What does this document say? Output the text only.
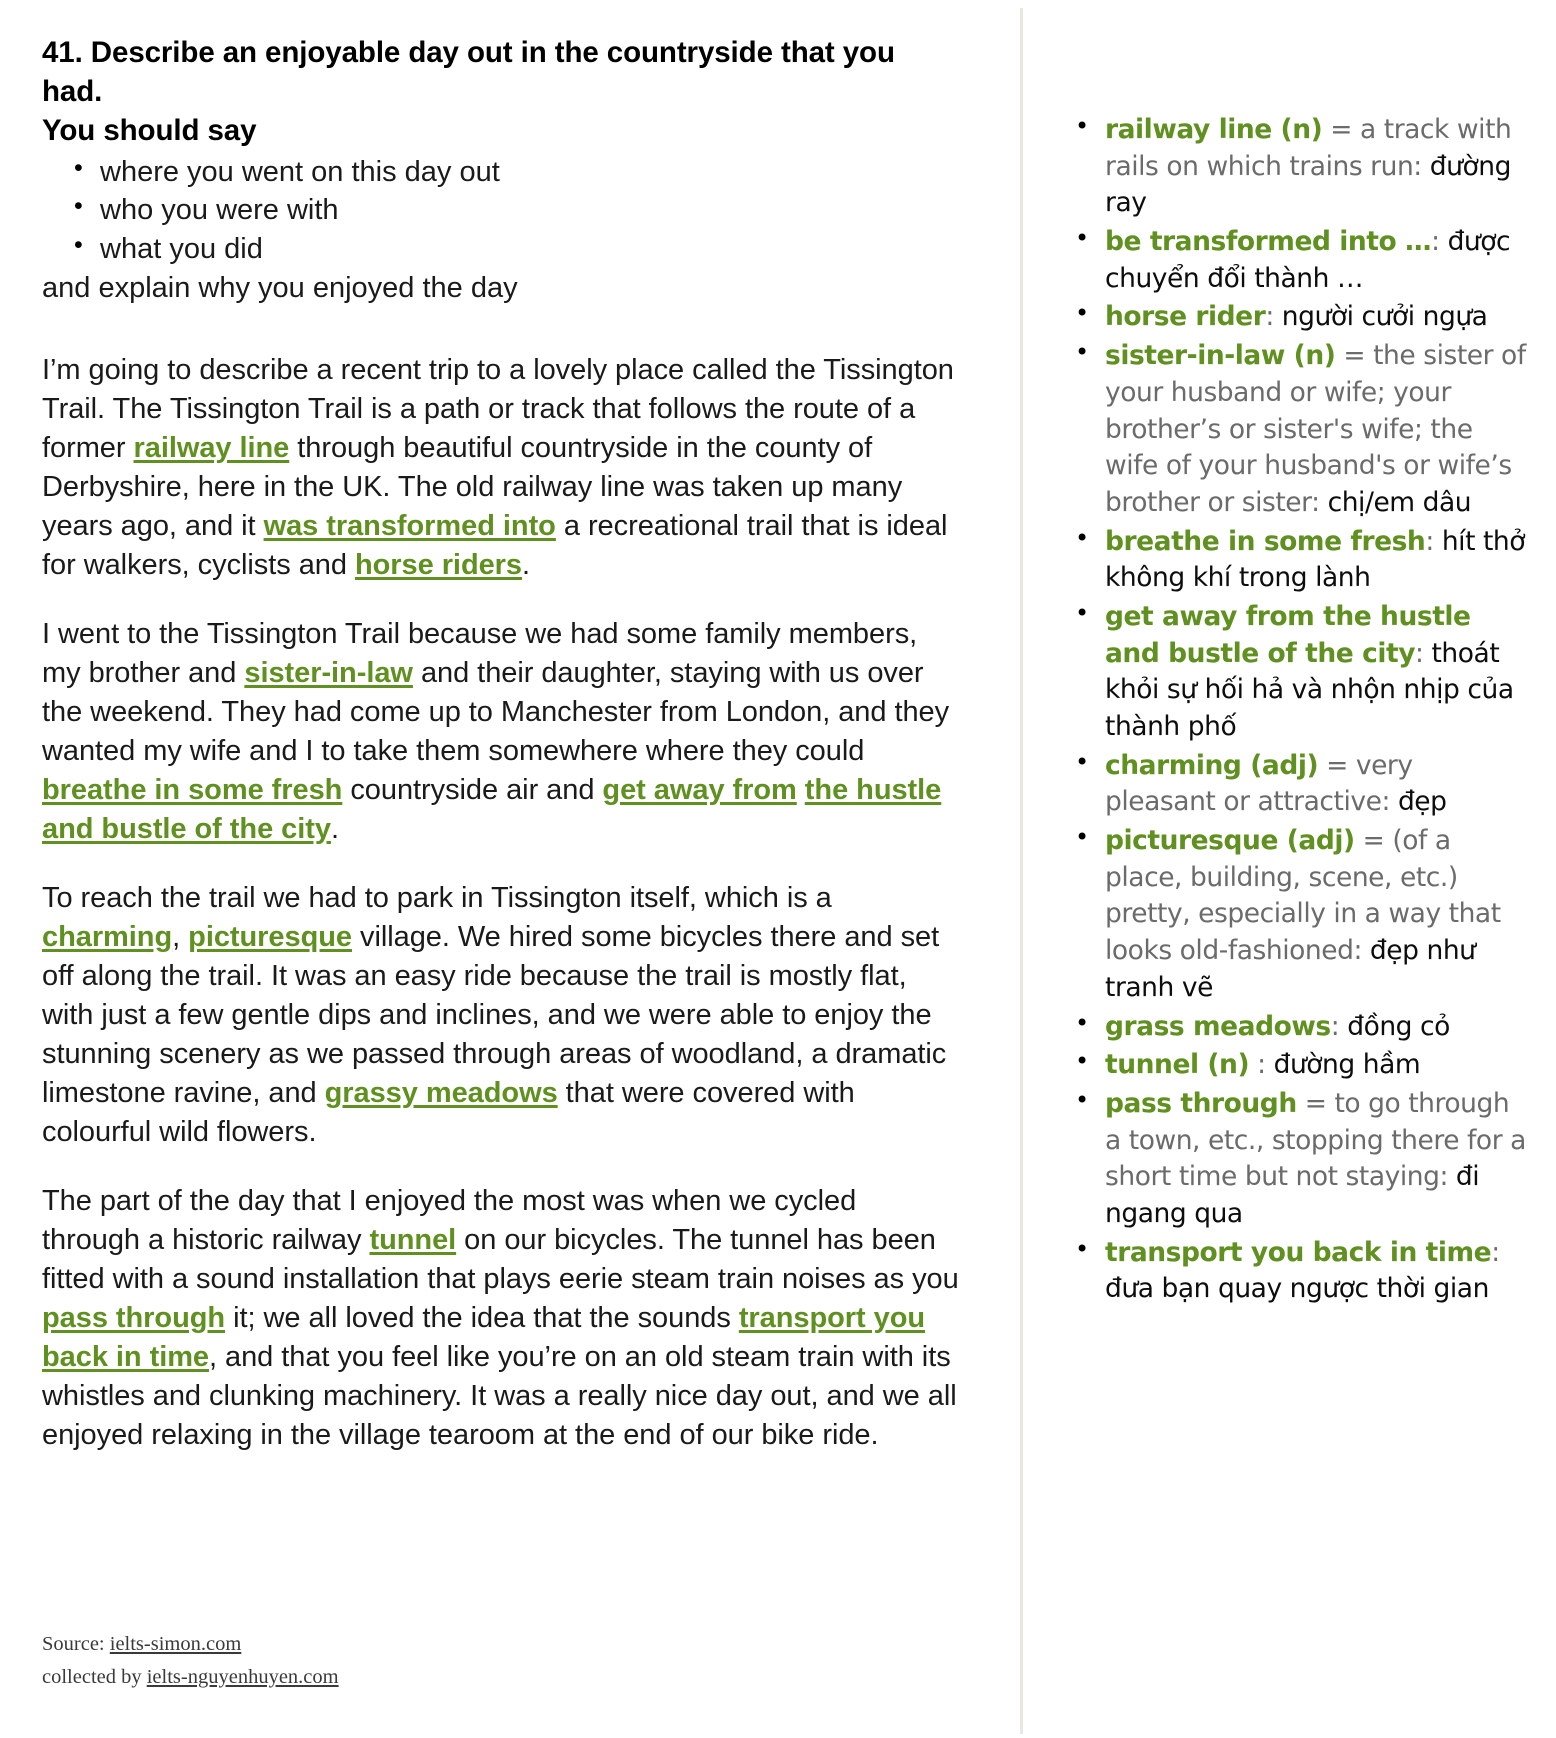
41. Describe an enjoyable day out in the countryside that you had.
You should say
• where you went on this day out
• who you were with
• what you did

and explain why you enjoyed the day

I’m going to describe a recent trip to a lovely place called the Tissington Trail. The Tissington Trail is a path or track that follows the route of a former railway line through beautiful countryside in the county of Derbyshire, here in the UK. The old railway line was taken up many years ago, and it was transformed into a recreational trail that is ideal for walkers, cyclists and horse riders.

I went to the Tissington Trail because we had some family members, my brother and sister-in-law and their daughter, staying with us over the weekend. They had come up to Manchester from London, and they wanted my wife and I to take them somewhere where they could breathe in some fresh countryside air and get away from the hustle and bustle of the city.

To reach the trail we had to park in Tissington itself, which is a charming, picturesque village. We hired some bicycles there and set off along the trail. It was an easy ride because the trail is mostly flat, with just a few gentle dips and inclines, and we were able to enjoy the stunning scenery as we passed through areas of woodland, a dramatic limestone ravine, and grassy meadows that were covered with colourful wild flowers.

The part of the day that I enjoyed the most was when we cycled through a historic railway tunnel on our bicycles. The tunnel has been fitted with a sound installation that plays eerie steam train noises as you pass through it; we all loved the idea that the sounds transport you back in time, and that you feel like you’re on an old steam train with its whistles and clunking machinery. It was a really nice day out, and we all enjoyed relaxing in the village tearoom at the end of our bike ride.

Source: ielts-simon.com
collected by ielts-nguyenhuyen.com
• railway line (n) = a track with rails on which trains run: đường ray
• be transformed into …: được chuyển đổi thành …
• horse rider: người cưởi ngựa
• sister-in-law (n) = the sister of your husband or wife; your brother’s or sister's wife; the wife of your husband's or wife’s brother or sister: chị/em dâu
• breathe in some fresh: hít thở không khí trong lành
• get away from the hustle and bustle of the city: thoát khỏi sự hối hả và nhộn nhịp của thành phố
• charming (adj) = very pleasant or attractive: đẹp
• picturesque (adj) = (of a place, building, scene, etc.) pretty, especially in a way that looks old-fashioned: đẹp như tranh vẽ
• grass meadows: đồng cỏ
• tunnel (n) : đường hầm
• pass through = to go through a town, etc., stopping there for a short time but not staying: đi ngang qua
• transport you back in time: đưa bạn quay ngược thời gian
